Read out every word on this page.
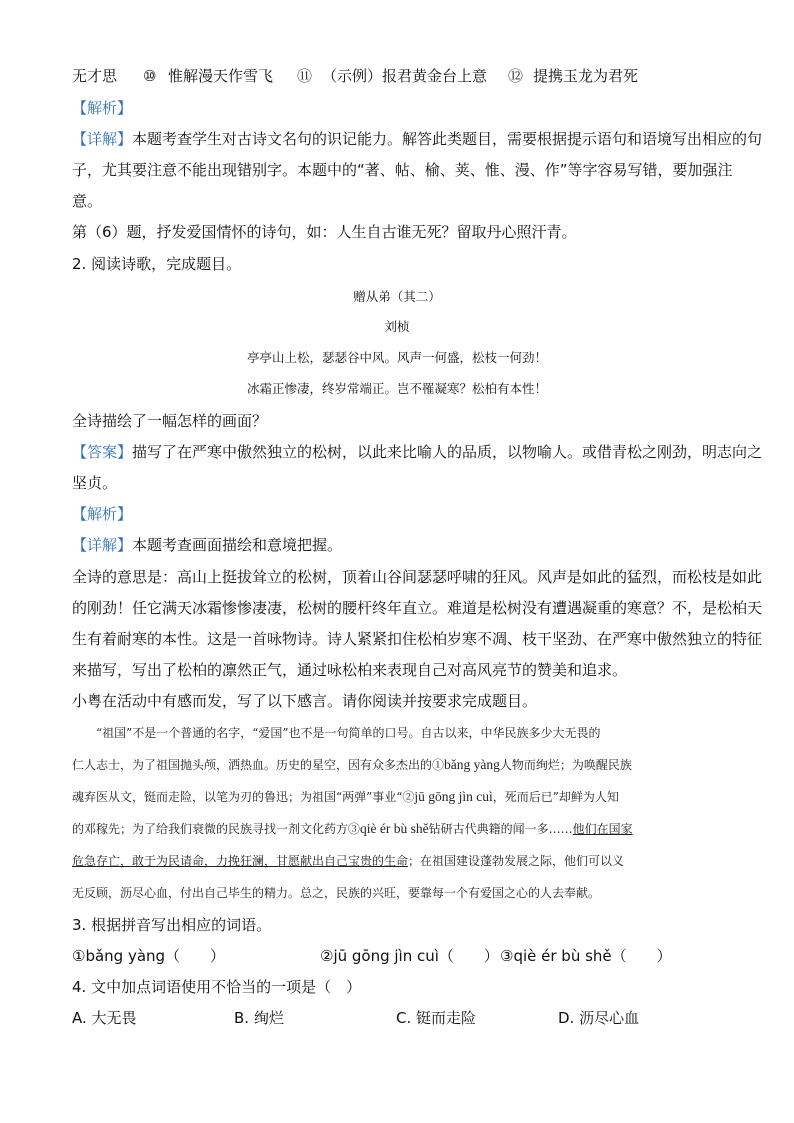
无才思 ⑩ 惟解漫天作雪飞 ⑪ （示例）报君黄金台上意 ⑫ 提携玉龙为君死
【解析】
【详解】本题考查学生对古诗文名句的识记能力。解答此类题目，需要根据提示语句和语境写出相应的句
子，尤其要注意不能出现错别字。本题中的“著、帖、榆、荚、惟、漫、作”等字容易写错，要加强注
意。
第（6）题，抒发爱国情怀的诗句，如：人生自古谁无死？留取丹心照汗青。
2. 阅读诗歌，完成题目。
赠从弟（其二）
刘桢
亭亭山上松，瑟瑟谷中风。风声一何盛，松枝一何劲！
冰霜正惨凄，终岁常端正。岂不罹凝寒？松柏有本性！
全诗描绘了一幅怎样的画面？
【答案】描写了在严寒中傲然独立的松树，以此来比喻人的品质，以物喻人。或借青松之刚劲，明志向之
坚贞。
【解析】
【详解】本题考查画面描绘和意境把握。
全诗的意思是：高山上挺拔耸立的松树，顶着山谷间瑟瑟呼啸的狂风。风声是如此的猛烈，而松枝是如此
的刚劲！任它满天冰霜惨惨凄凄，松树的腰杆终年直立。难道是松树没有遭遇凝重的寒意？不，是松柏天
生有着耐寒的本性。这是一首咏物诗。诗人紧紧扣住松柏岁寒不凋、枝干坚劲、在严寒中傲然独立的特征
来描写，写出了松柏的凛然正气，通过咏松柏来表现自己对高风亮节的赞美和追求。
小粤在活动中有感而发，写了以下感言。请你阅读并按要求完成题目。
“祖国”不是一个普通的名字，“爱国”也不是一句简单的口号。自古以来，中华民族多少大无畏的
仁人志士，为了祖国抛头颅，洒热血。历史的星空，因有众多杰出的①bǎng yàng人物而绚烂；为唤醒民族
魂弃医从文，铤而走险，以笔为刃的鲁迅；为祖国“两弹”事业“②jū gōng jìn cuì，死而后已”却鲜为人知
的邓稼先；为了给我们衰微的民族寻找一剂文化药方③qiè ér bù shě钻研古代典籍的闻一多……他们在国家
危急存亡，敢于为民请命，力挽狂澜，甘愿献出自己宝贵的生命；在祖国建设蓬勃发展之际，他们可以义
无反顾，沥尽心血，付出自己毕生的精力。总之，民族的兴旺，要靠每一个有爱国之心的人去奉献。
3. 根据拼音写出相应的词语。
①bǎng yàng（　　）	②jū gōng jìn cuì（　　） ③qiè ér bù shě（　　）
4. 文中加点词语使用不恰当的一项是（　）
A. 大无畏	B. 绚烂	C. 铤而走险	D. 沥尽心血
